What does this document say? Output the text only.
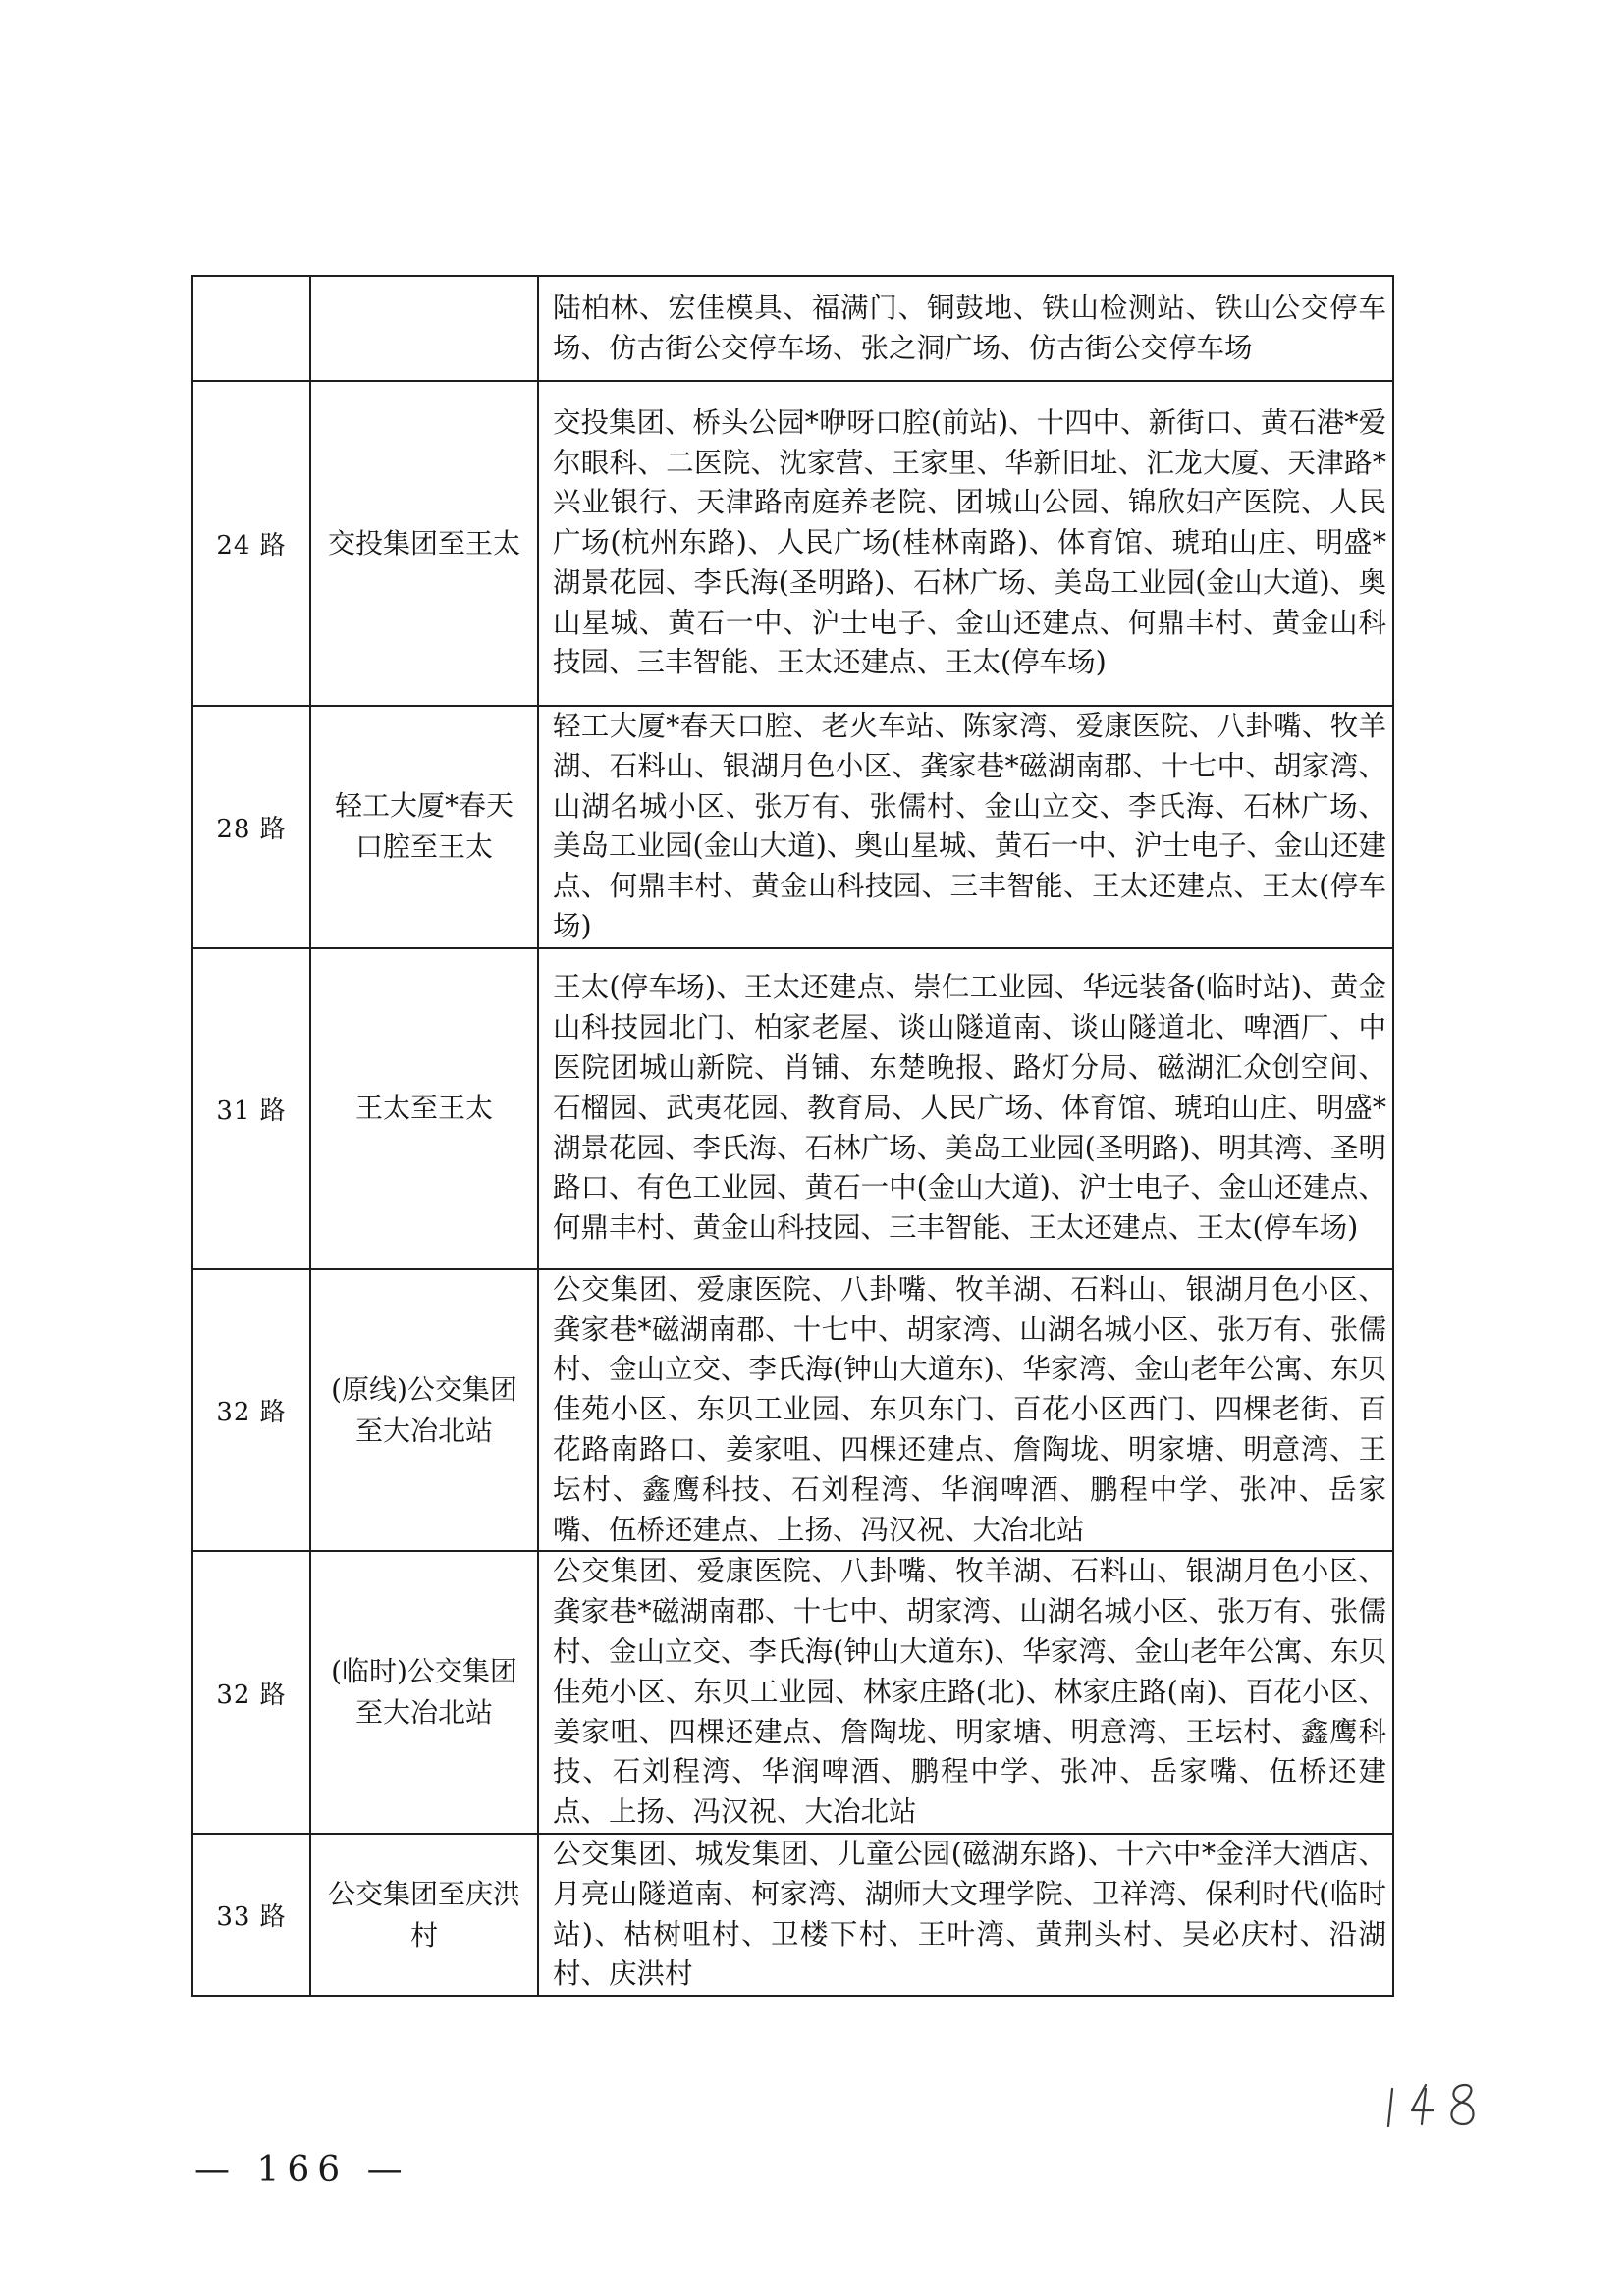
		陆柏林、宏佳模具、福满门、铜鼓地、铁山检测站、铁山公交停车场、仿古街公交停车场、张之洞广场、仿古街公交停车场
24 路	交投集团至王太	交投集团、桥头公园*咿呀口腔(前站)、十四中、新街口、黄石港*爱尔眼科、二医院、沈家营、王家里、华新旧址、汇龙大厦、天津路*兴业银行、天津路南庭养老院、团城山公园、锦欣妇产医院、人民广场(杭州东路)、人民广场(桂林南路)、体育馆、琥珀山庄、明盛*湖景花园、李氏海(圣明路)、石林广场、美岛工业园(金山大道)、奥山星城、黄石一中、沪士电子、金山还建点、何鼎丰村、黄金山科技园、三丰智能、王太还建点、王太(停车场)
28 路	轻工大厦*春天口腔至王太	轻工大厦*春天口腔、老火车站、陈家湾、爱康医院、八卦嘴、牧羊湖、石料山、银湖月色小区、龚家巷*磁湖南郡、十七中、胡家湾、山湖名城小区、张万有、张儒村、金山立交、李氏海、石林广场、美岛工业园(金山大道)、奥山星城、黄石一中、沪士电子、金山还建点、何鼎丰村、黄金山科技园、三丰智能、王太还建点、王太(停车场)
31 路	王太至王太	王太(停车场)、王太还建点、崇仁工业园、华远装备(临时站)、黄金山科技园北门、柏家老屋、谈山隧道南、谈山隧道北、啤酒厂、中医院团城山新院、肖铺、东楚晚报、路灯分局、磁湖汇众创空间、石榴园、武夷花园、教育局、人民广场、体育馆、琥珀山庄、明盛*湖景花园、李氏海、石林广场、美岛工业园(圣明路)、明其湾、圣明路口、有色工业园、黄石一中(金山大道)、沪士电子、金山还建点、何鼎丰村、黄金山科技园、三丰智能、王太还建点、王太(停车场)
32 路	(原线)公交集团至大冶北站	公交集团、爱康医院、八卦嘴、牧羊湖、石料山、银湖月色小区、龚家巷*磁湖南郡、十七中、胡家湾、山湖名城小区、张万有、张儒村、金山立交、李氏海(钟山大道东)、华家湾、金山老年公寓、东贝佳苑小区、东贝工业园、东贝东门、百花小区西门、四棵老街、百花路南路口、姜家咀、四棵还建点、詹陶垅、明家塘、明意湾、王坛村、鑫鹰科技、石刘程湾、华润啤酒、鹏程中学、张冲、岳家嘴、伍桥还建点、上扬、冯汉祝、大冶北站
32 路	(临时)公交集团至大冶北站	公交集团、爱康医院、八卦嘴、牧羊湖、石料山、银湖月色小区、龚家巷*磁湖南郡、十七中、胡家湾、山湖名城小区、张万有、张儒村、金山立交、李氏海(钟山大道东)、华家湾、金山老年公寓、东贝佳苑小区、东贝工业园、林家庄路(北)、林家庄路(南)、百花小区、姜家咀、四棵还建点、詹陶垅、明家塘、明意湾、王坛村、鑫鹰科技、石刘程湾、华润啤酒、鹏程中学、张冲、岳家嘴、伍桥还建点、上扬、冯汉祝、大冶北站
33 路	公交集团至庆洪村	公交集团、城发集团、儿童公园(磁湖东路)、十六中*金洋大酒店、月亮山隧道南、柯家湾、湖师大文理学院、卫祥湾、保利时代(临时站)、枯树咀村、卫楼下村、王叶湾、黄荆头村、吴必庆村、沿湖村、庆洪村
— 166 —
